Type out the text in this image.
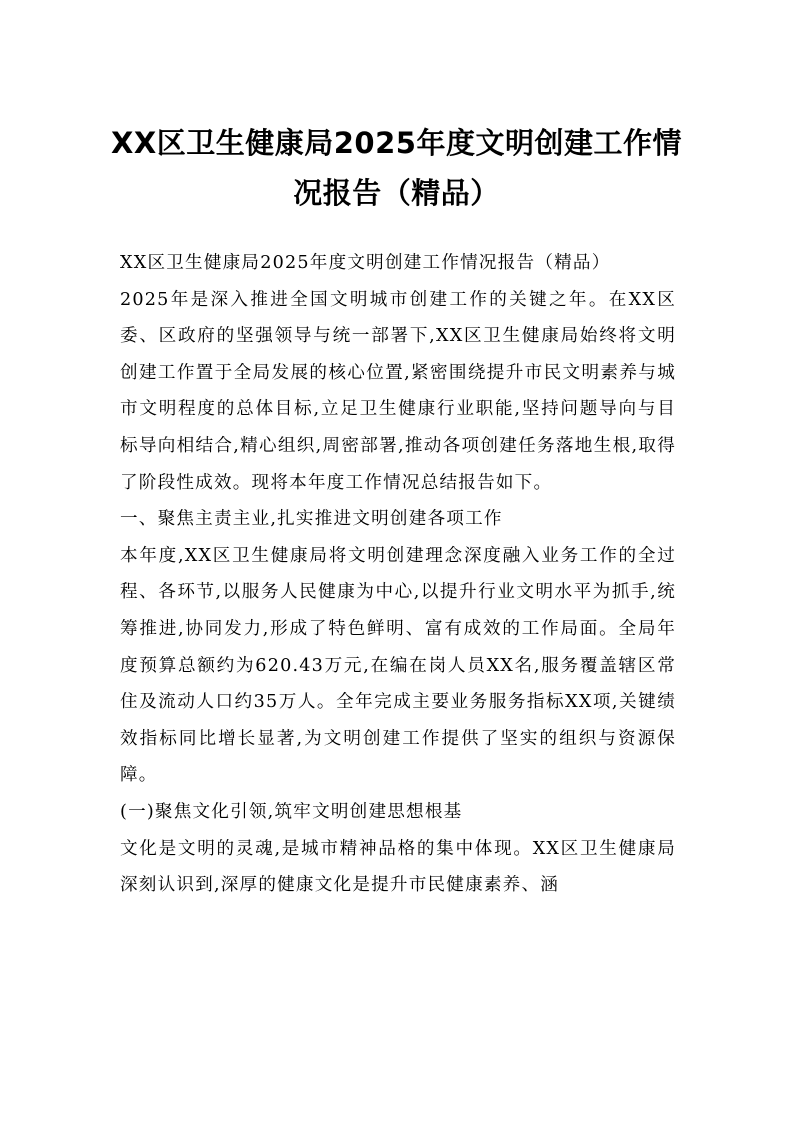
XX区卫生健康局2025年度文明创建工作情况报告（精品）

XX区卫生健康局2025年度文明创建工作情况报告（精品）

2025年是深入推进全国文明城市创建工作的关键之年。在XX区委、区政府的坚强领导与统一部署下,XX区卫生健康局始终将文明创建工作置于全局发展的核心位置,紧密围绕提升市民文明素养与城市文明程度的总体目标,立足卫生健康行业职能,坚持问题导向与目标导向相结合,精心组织,周密部署,推动各项创建任务落地生根,取得了阶段性成效。现将本年度工作情况总结报告如下。

一、聚焦主责主业,扎实推进文明创建各项工作

本年度,XX区卫生健康局将文明创建理念深度融入业务工作的全过程、各环节,以服务人民健康为中心,以提升行业文明水平为抓手,统筹推进,协同发力,形成了特色鲜明、富有成效的工作局面。全局年度预算总额约为620.43万元,在编在岗人员XX名,服务覆盖辖区常住及流动人口约35万人。全年完成主要业务服务指标XX项,关键绩效指标同比增长显著,为文明创建工作提供了坚实的组织与资源保障。

(一)聚焦文化引领,筑牢文明创建思想根基

文化是文明的灵魂,是城市精神品格的集中体现。XX区卫生健康局深刻认识到,深厚的健康文化是提升市民健康素养、涵
